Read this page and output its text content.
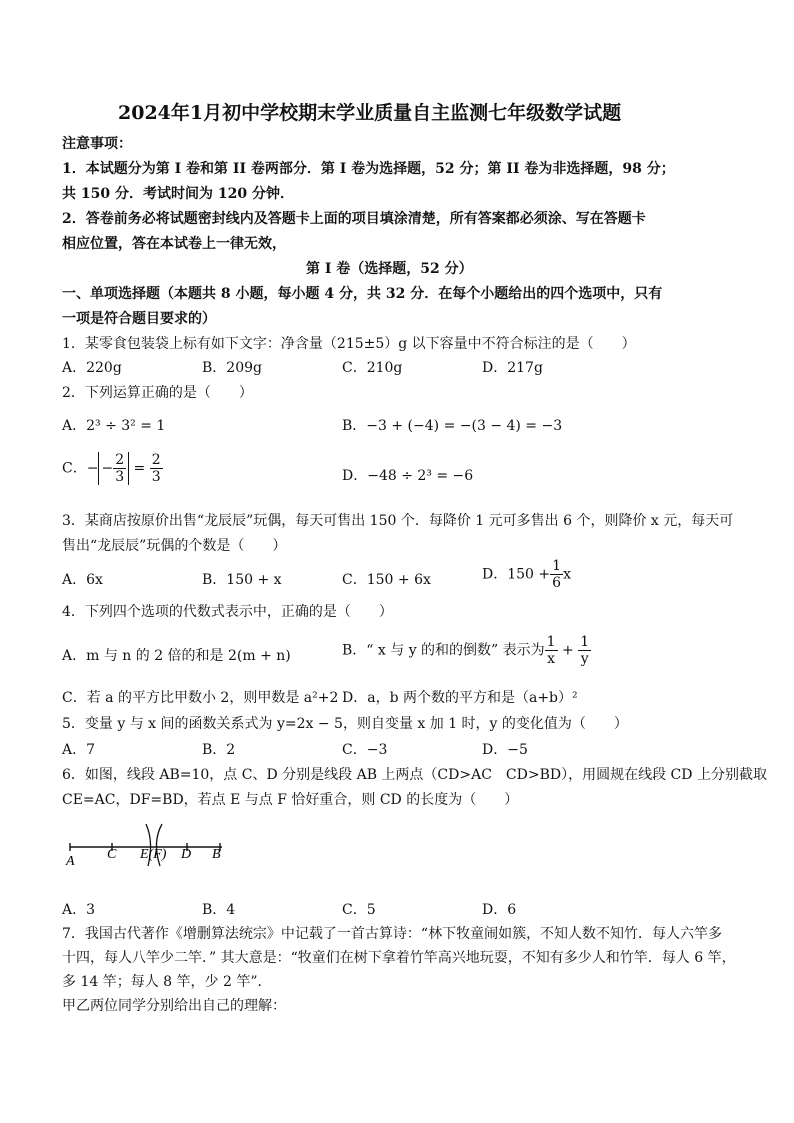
2024年1月初中学校期末学业质量自主监测七年级数学试题
注意事项：
1．本试题分为第 I 卷和第 II 卷两部分．第 I 卷为选择题，52 分；第 II 卷为非选择题，98 分；
共 150 分．考试时间为 120 分钟．
2．答卷前务必将试题密封线内及答题卡上面的项目填涂清楚，所有答案都必须涂、写在答题卡
相应位置，答在本试卷上一律无效，
第 I 卷（选择题，52 分）
一、单项选择题（本题共 8 小题，每小题 4 分，共 32 分．在每个小题给出的四个选项中，只有
一项是符合题目要求的）
1．某零食包装袋上标有如下文字：净含量（215±5）g 以下容量中不符合标注的是（　　）
A．220g	B．209g	C．210g	D．217g
2．下列运算正确的是（　　）
A．2³ ÷ 3² = 1	B．−3 + (−4) = −(3 − 4) = −3
C．− − $\frac{2}{3} = \frac{2}{3}$	D．−48 ÷ 2³ = −6
3．某商店按原价出售“龙辰辰”玩偶，每天可售出 150 个．每降价 1 元可多售出 6 个，则降价 x 元，每天可
售出“龙辰辰”玩偶的个数是（　　）
A．6x	B．150 + x	C．150 + 6x	D．$150 + \frac{1}{6}$ x
4．下列四个选项的代数式表示中，正确的是（　　）
A．m 与 n 的 2 倍的和是 2(m + n)	B．“ x 与 y 的和的倒数” 表示为 $\frac{1}{x} + \frac{1}{y}$
C．若 a 的平方比甲数小 2，则甲数是 a²+2 D．a，b 两个数的平方和是（a+b）²
5．变量 y 与 x 间的函数关系式为 y=2x − 5，则自变量 x 加 1 时，y 的变化值为（　　）
A．7	B．2	C．−3	D．−5
6．如图，线段 AB=10，点 C、D 分别是线段 AB 上两点（CD>AC　CD>BD），用圆规在线段 CD 上分别截取
CE=AC，DF=BD，若点 E 与点 F 恰好重合，则 CD 的长度为（　　）
A C E(F) D B
A．3	B．4	C．5	D．6
7．我国古代著作《增删算法统宗》中记载了一首古算诗：“林下牧童闹如簇，不知人数不知竹．每人六竿多
十四，每人八竿少二竿．” 其大意是：“牧童们在树下拿着竹竿高兴地玩耍，不知有多少人和竹竿．每人 6 竿，
多 14 竿；每人 8 竿，少 2 竿”．
甲乙两位同学分别给出自己的理解：
